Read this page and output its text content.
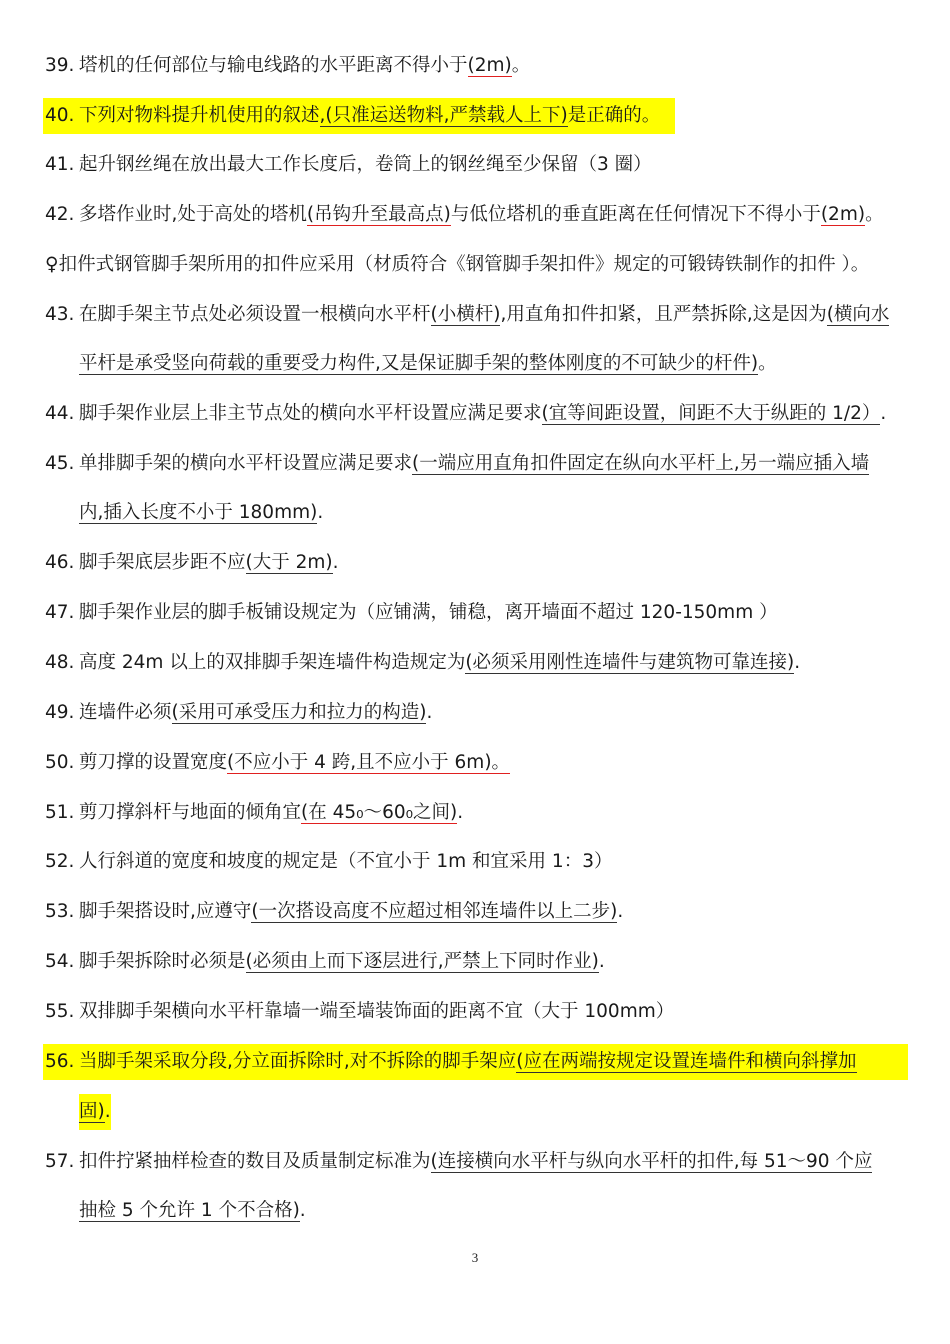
39. 塔机的任何部位与输电线路的水平距离不得小于(2m)。
40. 下列对物料提升机使用的叙述,(只准运送物料,严禁载人上下)是正确的。
41. 起升钢丝绳在放出最大工作长度后，卷筒上的钢丝绳至少保留（3 圈）
42. 多塔作业时,处于高处的塔机(吊钩升至最高点)与低位塔机的垂直距离在任何情况下不得小于(2m)。
♀扣件式钢管脚手架所用的扣件应采用（材质符合《钢管脚手架扣件》规定的可锻铸铁制作的扣件 ）。
43. 在脚手架主节点处必须设置一根横向水平杆(小横杆),用直角扣件扣紧，且严禁拆除,这是因为(横向水
平杆是承受竖向荷载的重要受力构件,又是保证脚手架的整体刚度的不可缺少的杆件)。
44. 脚手架作业层上非主节点处的横向水平杆设置应满足要求(宜等间距设置，间距不大于纵距的 1/2）.
45. 单排脚手架的横向水平杆设置应满足要求(一端应用直角扣件固定在纵向水平杆上,另一端应插入墙
内,插入长度不小于 180mm).
46. 脚手架底层步距不应(大于 2m).
47. 脚手架作业层的脚手板铺设规定为（应铺满，铺稳，离开墙面不超过 120-150mm ）
48. 高度 24m 以上的双排脚手架连墙件构造规定为(必须采用刚性连墙件与建筑物可靠连接).
49. 连墙件必须(采用可承受压力和拉力的构造).
50. 剪刀撑的设置宽度(不应小于 4 跨,且不应小于 6m)。
51. 剪刀撑斜杆与地面的倾角宜(在 45₀～60₀之间).
52. 人行斜道的宽度和坡度的规定是（不宜小于 1m 和宜采用 1：3）
53. 脚手架搭设时,应遵守(一次搭设高度不应超过相邻连墙件以上二步).
54. 脚手架拆除时必须是(必须由上而下逐层进行,严禁上下同时作业).
55. 双排脚手架横向水平杆靠墙一端至墙装饰面的距离不宜（大于 100mm）
56. 当脚手架采取分段,分立面拆除时,对不拆除的脚手架应(应在两端按规定设置连墙件和横向斜撑加
固).
57. 扣件拧紧抽样检查的数目及质量制定标准为(连接横向水平杆与纵向水平杆的扣件,每 51～90 个应
抽检 5 个允许 1 个不合格).
3
